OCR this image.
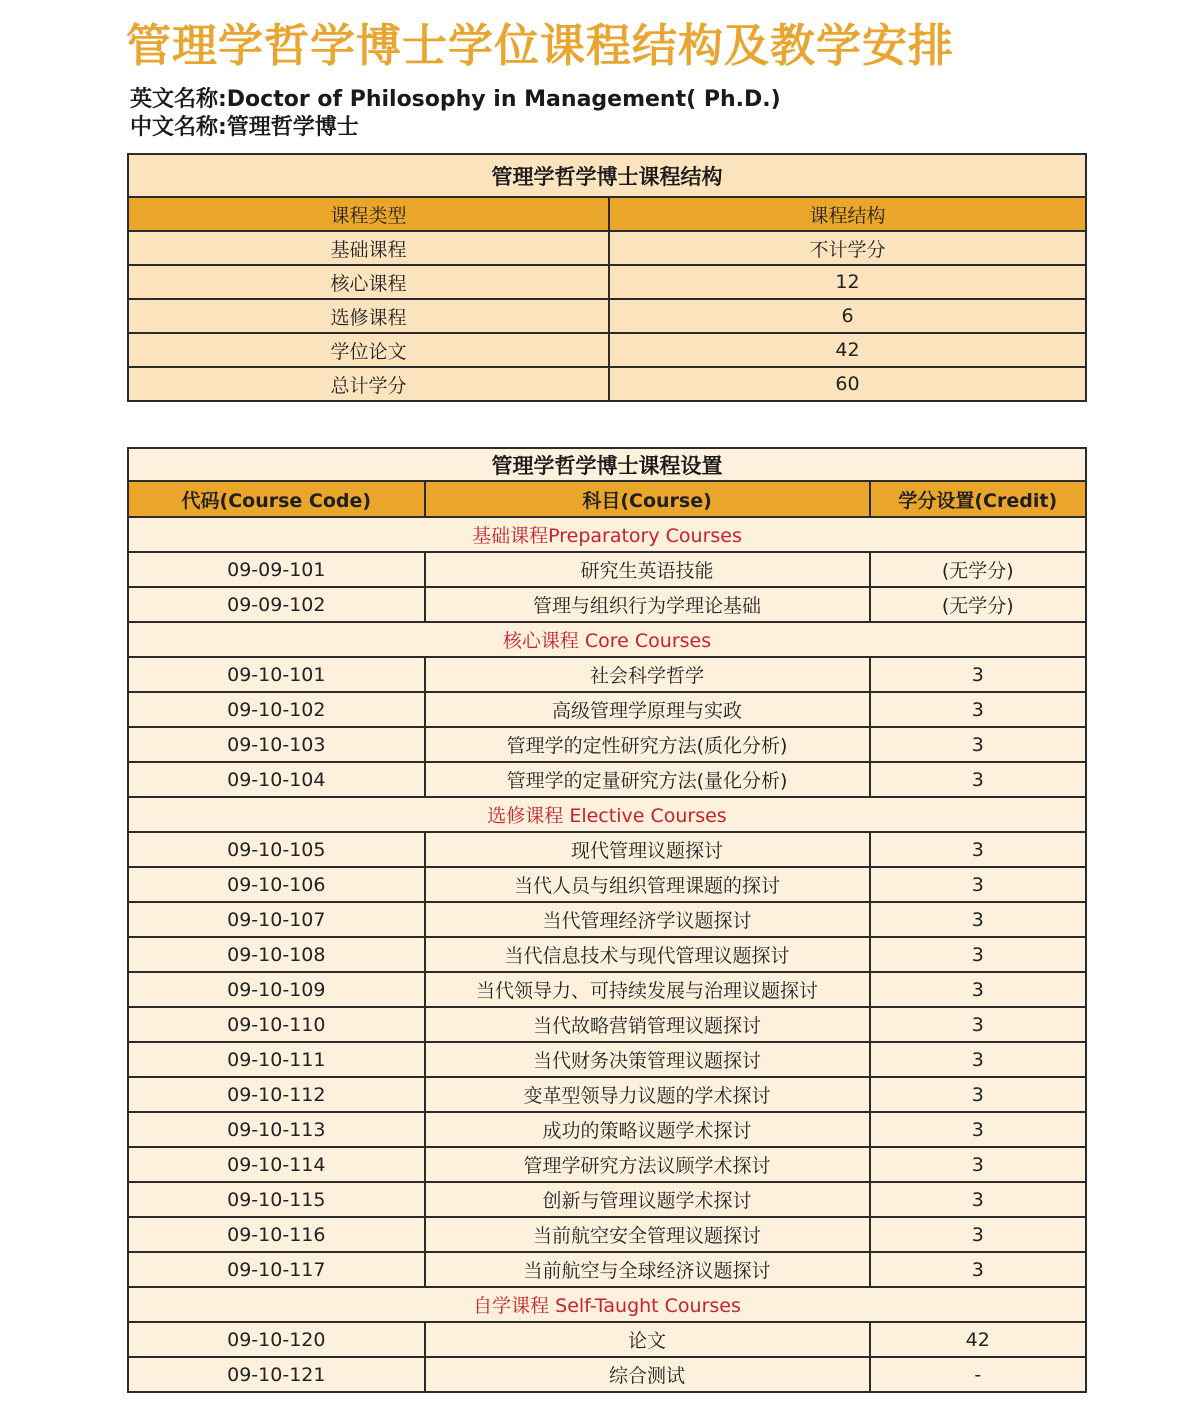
管理学哲学博士学位课程结构及教学安排
英文名称:Doctor of Philosophy in Management( Ph.D.)
中文名称:管理哲学博士
管理学哲学博士课程结构	
课程类型	课程结构
基础课程	不计学分
核心课程	12
选修课程	6
学位论文	42
总计学分	60
管理学哲学博士课程设置		
代码(Course Code)	科目(Course)	学分设置(Credit)
基础课程Preparatory Courses		
09-09-101	研究生英语技能	(无学分)
09-09-102	管理与组织行为学理论基础	(无学分)
核心课程 Core Courses		
09-10-101	社会科学哲学	3
09-10-102	高级管理学原理与实政	3
09-10-103	管理学的定性研究方法(质化分析)	3
09-10-104	管理学的定量研究方法(量化分析)	3
选修课程 Elective Courses		
09-10-105	现代管理议题探讨	3
09-10-106	当代人员与组织管理课题的探讨	3
09-10-107	当代管理经济学议题探讨	3
09-10-108	当代信息技术与现代管理议题探讨	3
09-10-109	当代领导力、可持续发展与治理议题探讨	3
09-10-110	当代故略营销管理议题探讨	3
09-10-111	当代财务决策管理议题探讨	3
09-10-112	变革型领导力议题的学术探讨	3
09-10-113	成功的策略议题学术探讨	3
09-10-114	管理学研究方法议顾学术探讨	3
09-10-115	创新与管理议题学术探讨	3
09-10-116	当前航空安全管理议题探讨	3
09-10-117	当前航空与全球经济议题探讨	3
自学课程 Self-Taught Courses		
09-10-120	论文	42
09-10-121	综合测试	-
